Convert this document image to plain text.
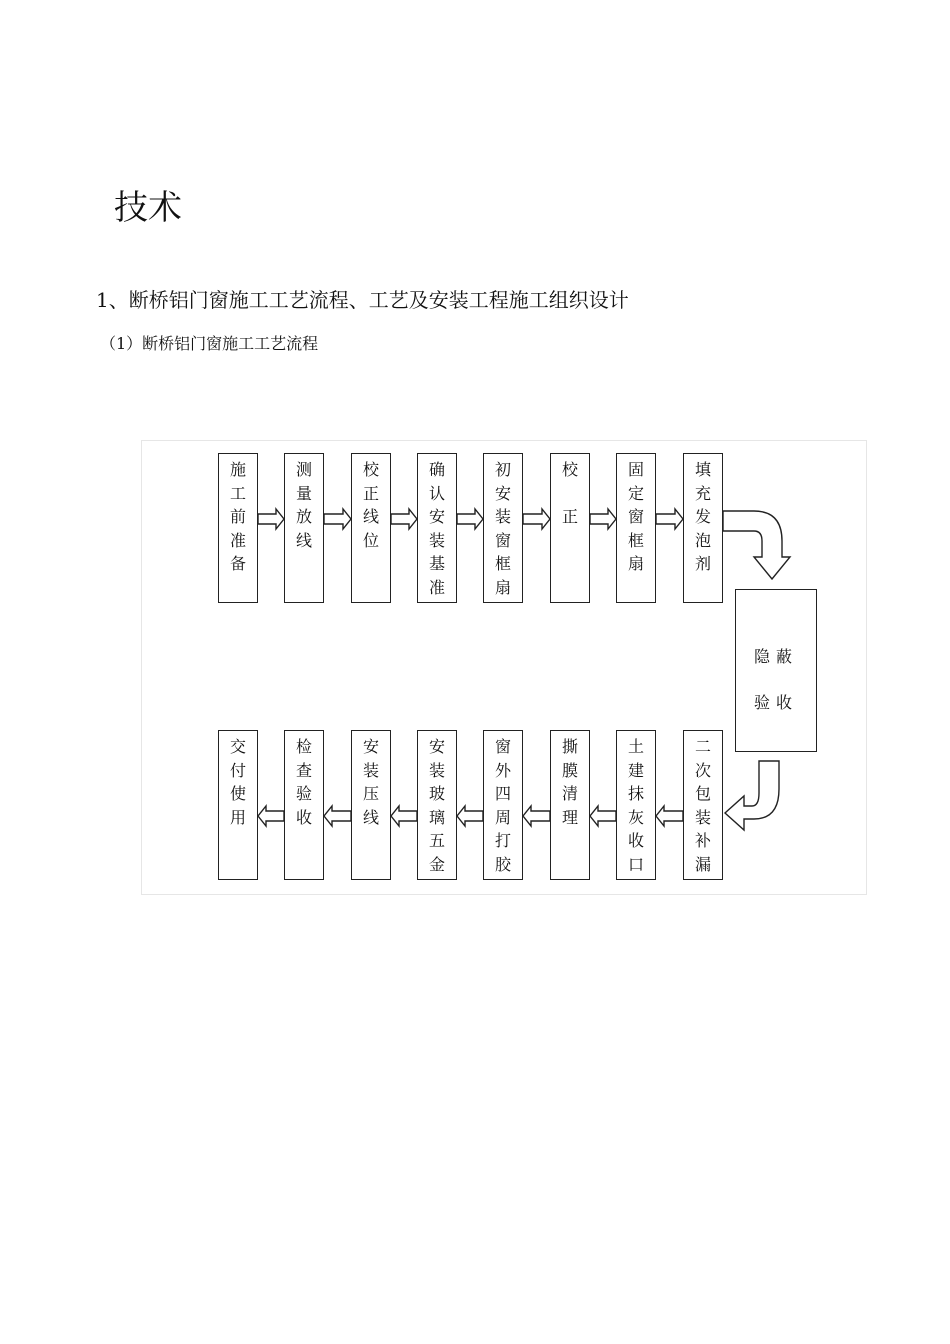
技术
1、断桥铝门窗施工工艺流程、工艺及安装工程施工组织设计
（1）断桥铝门窗施工工艺流程
施
工
前
准
备
测
量
放
线
校
正
线
位
确
认
安
装
基
准
初
安
装
窗
框
扇
校

正
固
定
窗
框
扇
填
充
发
泡
剂
交
付
使
用
检
查
验
收
安
装
压
线
安
装
玻
璃
五
金
窗
外
四
周
打
胶
撕
膜
清
理
土
建
抹
灰
收
口
二
次
包
装
补
漏
隐蔽
验收
